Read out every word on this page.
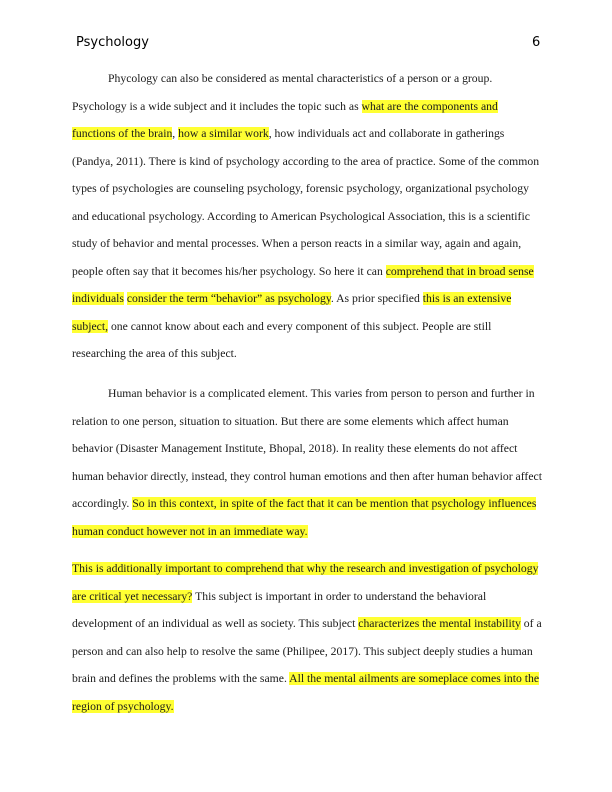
Psychology	6

Phycology can also be considered as mental characteristics of a person or a group. Psychology is a wide subject and it includes the topic such as what are the components and functions of the brain, how a similar work, how individuals act and collaborate in gatherings (Pandya, 2011). There is kind of psychology according to the area of practice. Some of the common types of psychologies are counseling psychology, forensic psychology, organizational psychology and educational psychology. According to American Psychological Association, this is a scientific study of behavior and mental processes. When a person reacts in a similar way, again and again, people often say that it becomes his/her psychology. So here it can comprehend that in broad sense individuals consider the term “behavior” as psychology. As prior specified this is an extensive subject, one cannot know about each and every component of this subject. People are still researching the area of this subject.

Human behavior is a complicated element. This varies from person to person and further in relation to one person, situation to situation. But there are some elements which affect human behavior (Disaster Management Institute, Bhopal, 2018). In reality these elements do not affect human behavior directly, instead, they control human emotions and then after human behavior affect accordingly. So in this context, in spite of the fact that it can be mention that psychology influences human conduct however not in an immediate way.

This is additionally important to comprehend that why the research and investigation of psychology are critical yet necessary? This subject is important in order to understand the behavioral development of an individual as well as society. This subject characterizes the mental instability of a person and can also help to resolve the same (Philipee, 2017). This subject deeply studies a human brain and defines the problems with the same. All the mental ailments are someplace comes into the region of psychology.
